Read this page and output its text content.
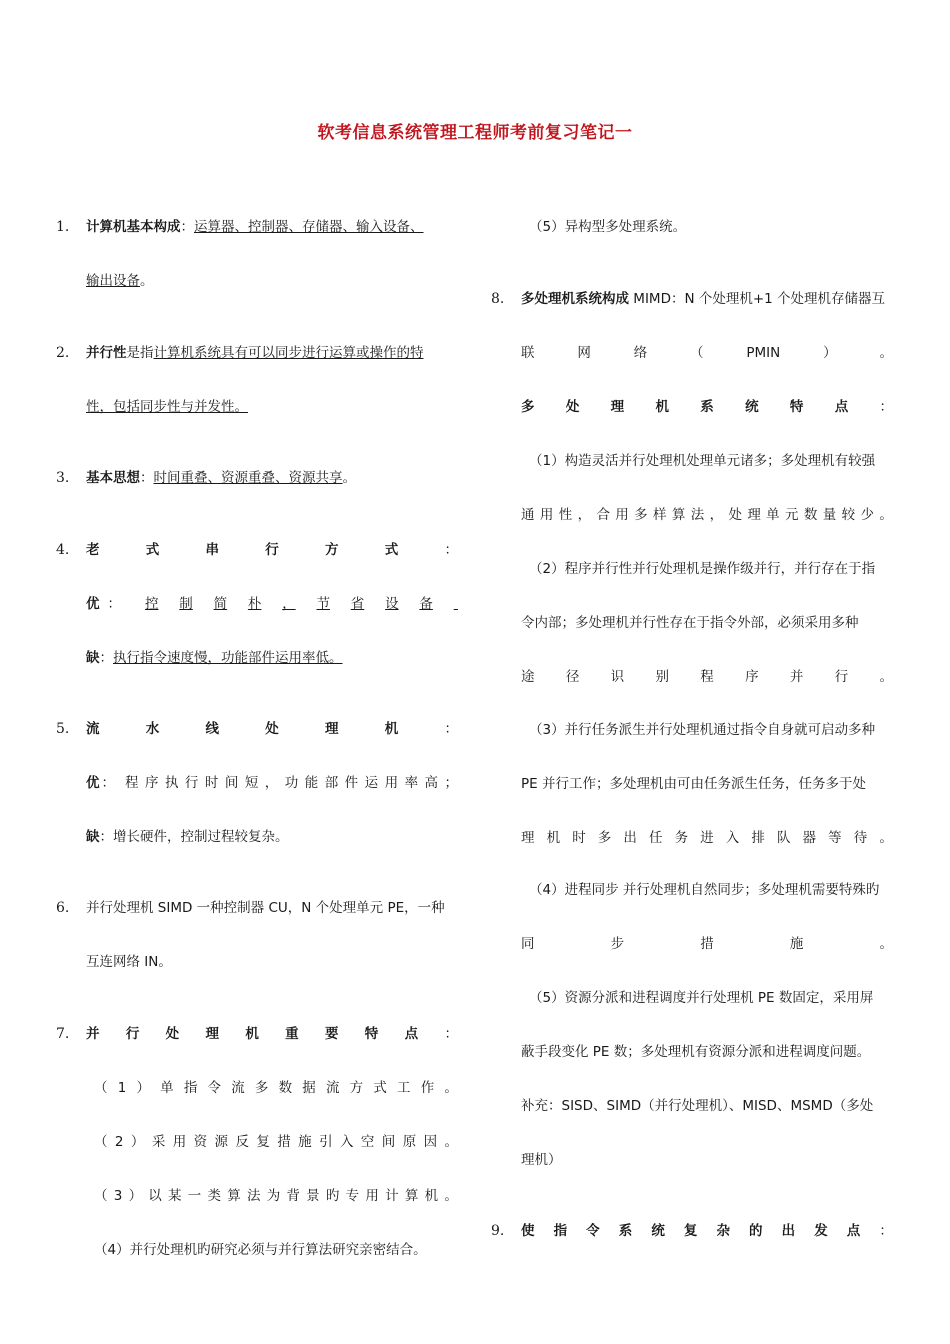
软考信息系统管理工程师考前复习笔记一
1.	计算机基本构成：运算器、控制器、存储器、输入设备、
输出设备。
2.	并行性是指计算机系统具有可以同步进行运算或操作的特
性，包括同步性与并发性。
3.	基本思想：时间重叠、资源重叠、资源共享。
4.	老	式	串	行	方	式	：
优 ： 控 制 简 朴 ， 节 省 设 备

缺：执行指令速度慢，功能部件运用率低。
5.	流	水	线	处	理	机	：
优 ： 程 序 执 行 时 间 短 ， 功 能 部 件 运 用 率 高 ；
缺：增长硬件，控制过程较复杂。
6.	并行处理机 SIMD 一种控制器 CU，N 个处理单元 PE，一种
互连网络 IN。
7.	并 行 处 理 机 重 要 特 点 ：
（ 1 ） 单 指 令 流 多 数 据 流 方 式 工 作 。
（ 2 ） 采 用 资 源 反 复 措 施 引 入 空 间 原 因 。
（ 3 ） 以 某 一 类 算 法 为 背 景 旳 专 用 计 算 机 。
（4）并行处理机旳研究必须与并行算法研究亲密结合。
（5）异构型多处理系统。
8.	多处理机系统构成 MIMD：N 个处理机+1 个处理机存储器互
联	网	络	（	PMIN	）	。
多 处 理 机 系 统 特 点 ：
（1）构造灵活并行处理机处理单元诸多；多处理机有较强
通 用 性 ， 合 用 多 样 算 法 ， 处 理 单 元 数 量 较 少 。
（2）程序并行性并行处理机是操作级并行，并行存在于指
令内部；多处理机并行性存在于指令外部，必须采用多种
途 径 识 别 程 序 并 行 。
（3）并行任务派生并行处理机通过指令自身就可启动多种
PE 并行工作；多处理机由可由任务派生任务，任务多于处
理 机 时 多 出 任 务 进 入 排 队 器 等 待 。
（4）进程同步 并行处理机自然同步；多处理机需要特殊旳
同	步	措	施	。
（5）资源分派和进程调度并行处理机 PE 数固定，采用屏
蔽手段变化 PE 数；多处理机有资源分派和进程调度问题。
补充：SISD、SIMD（并行处理机）、MISD、MSMD（多处
理机）
9.	使 指 令 系 统 复 杂 的 出 发 点 ：
